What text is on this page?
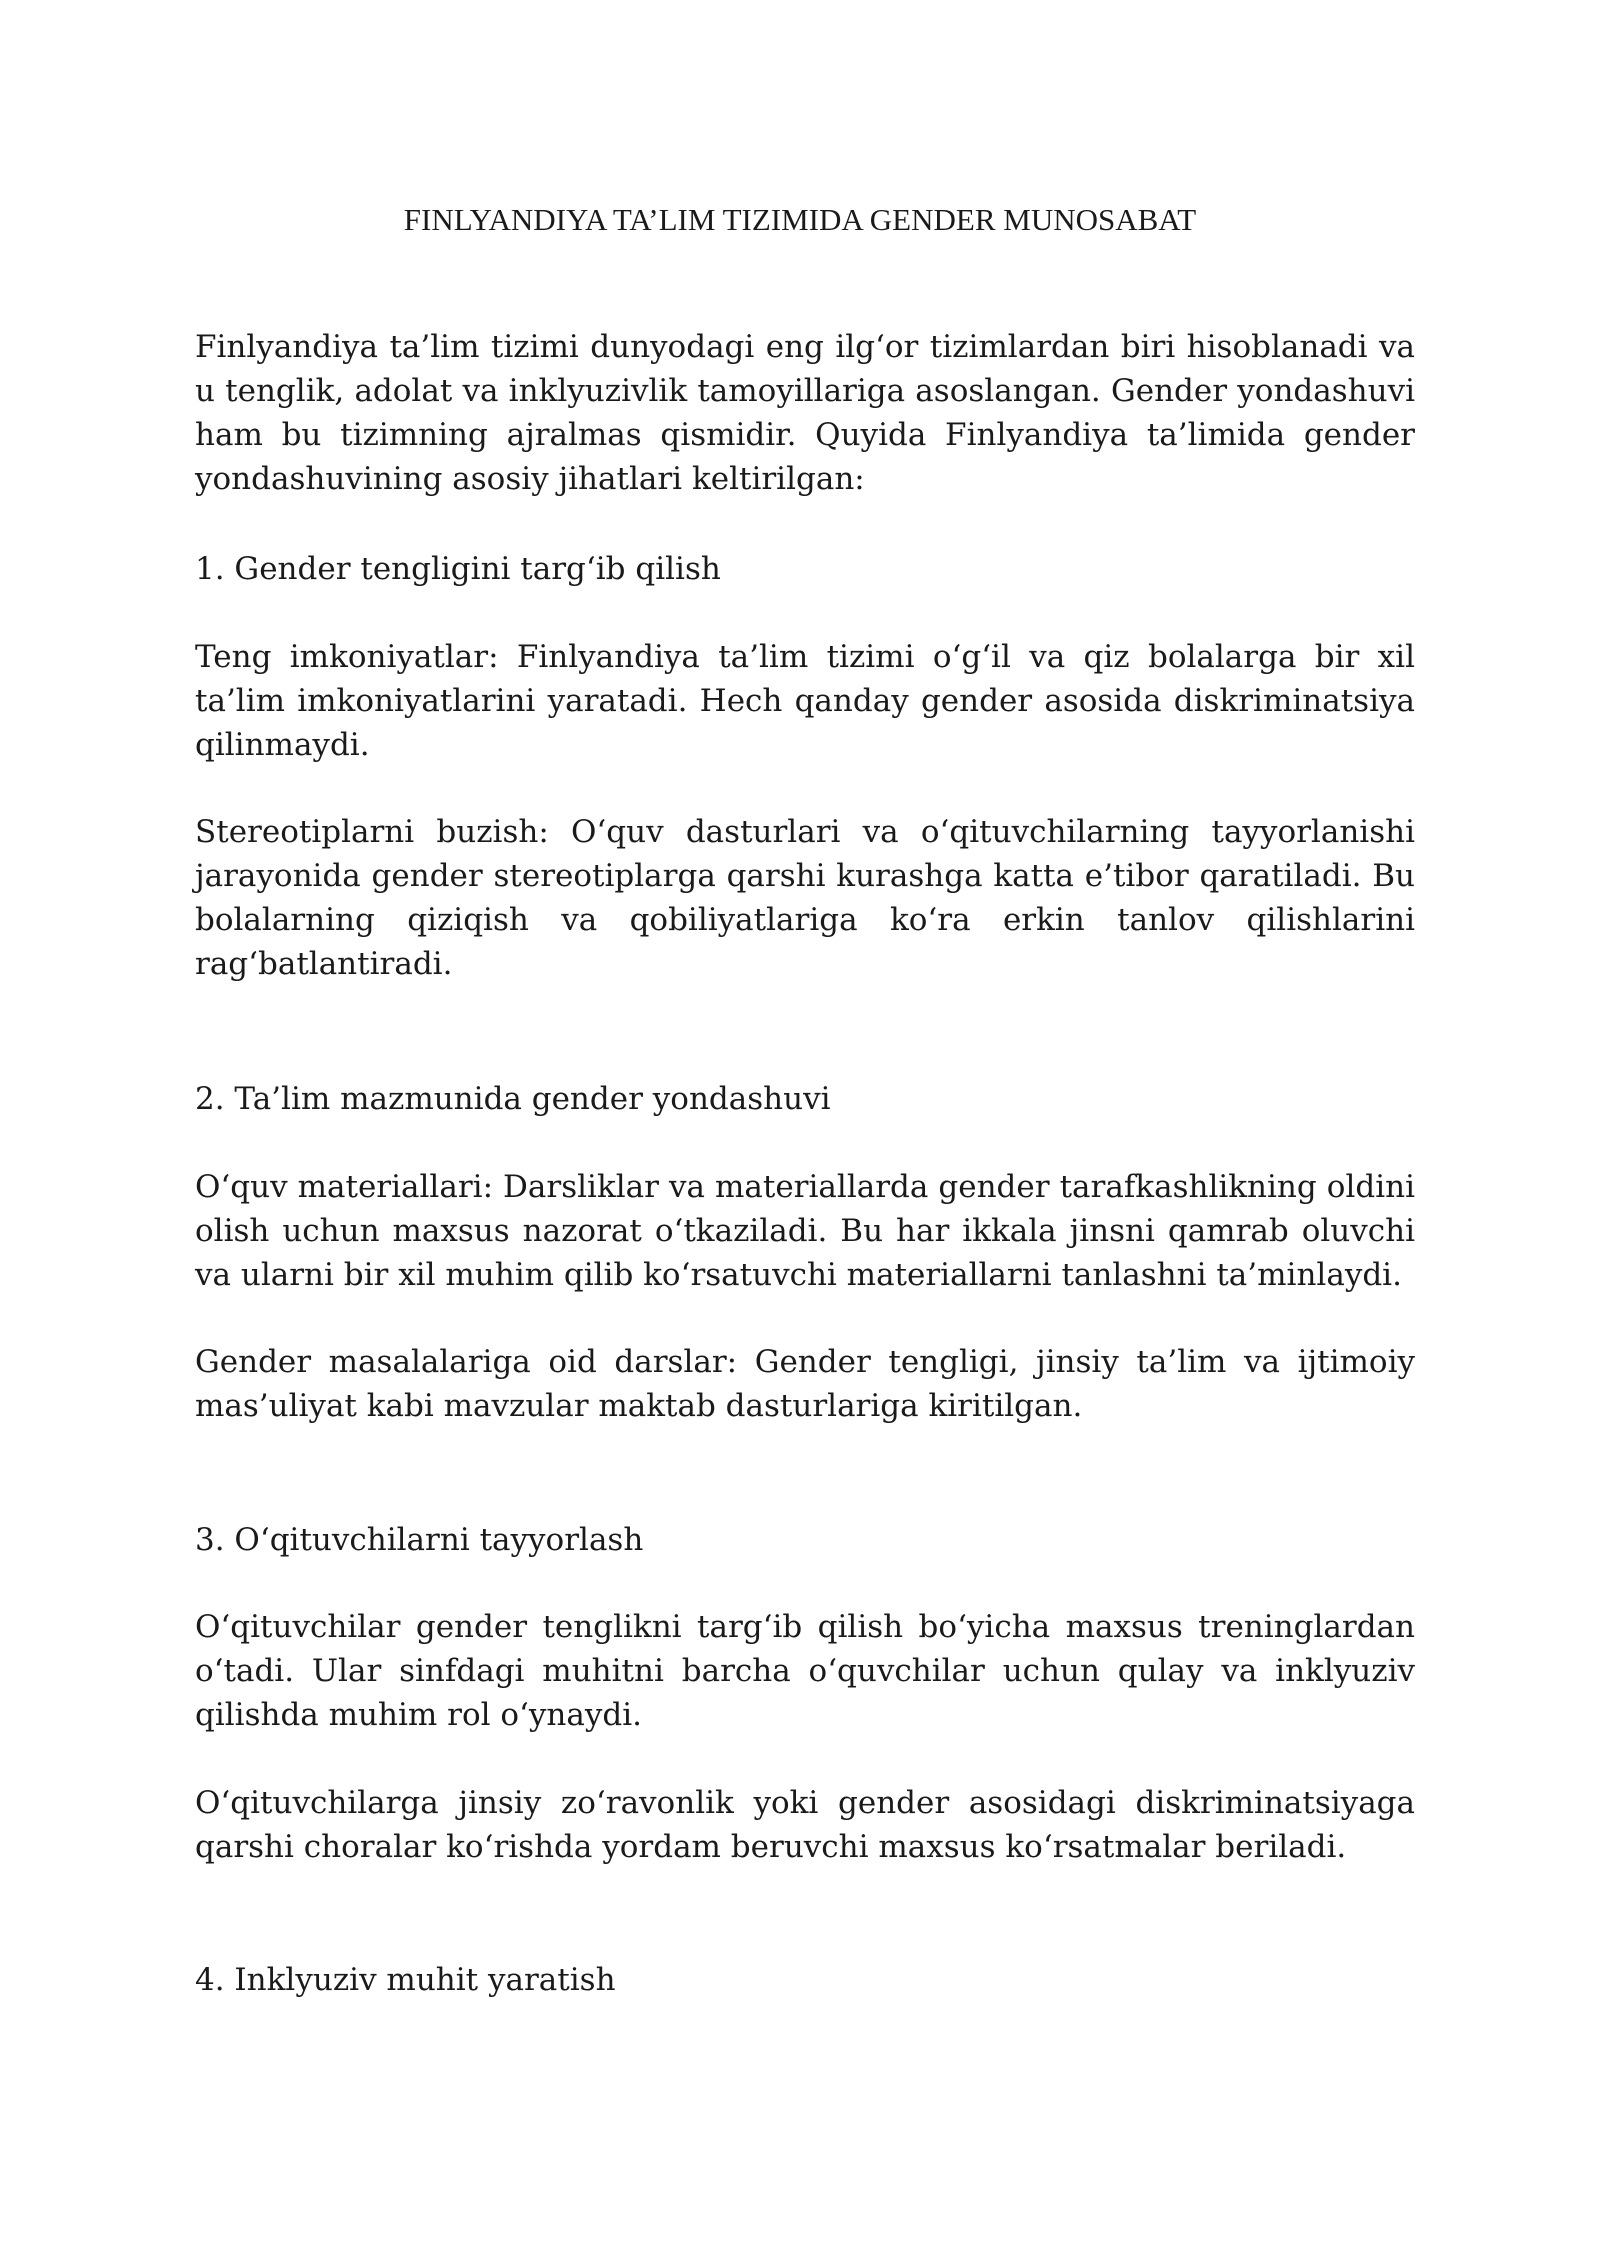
FINLYANDIYA TA’LIM TIZIMIDA GENDER MUNOSABAT
Finlyandiya ta’lim tizimi dunyodagi eng ilg‘or tizimlardan biri hisoblanadi va u tenglik, adolat va inklyuzivlik tamoyillariga asoslangan. Gender yondashuvi ham bu tizimning ajralmas qismidir. Quyida Finlyandiya ta’limida gender yondashuvining asosiy jihatlari keltirilgan:
1. Gender tengligini targ‘ib qilish
Teng imkoniyatlar: Finlyandiya ta’lim tizimi o‘g‘il va qiz bolalarga bir xil ta’lim imkoniyatlarini yaratadi. Hech qanday gender asosida diskriminatsiya qilinmaydi.
Stereotiplarni buzish: O‘quv dasturlari va o‘qituvchilarning tayyorlanishi jarayonida gender stereotiplarga qarshi kurashga katta e’tibor qaratiladi. Bu bolalarning qiziqish va qobiliyatlariga ko‘ra erkin tanlov qilishlarini rag‘batlantiradi.
2. Ta’lim mazmunida gender yondashuvi
O‘quv materiallari: Darsliklar va materiallarda gender tarafkashlikning oldini olish uchun maxsus nazorat o‘tkaziladi. Bu har ikkala jinsni qamrab oluvchi va ularni bir xil muhim qilib ko‘rsatuvchi materiallarni tanlashni ta’minlaydi.
Gender masalalariga oid darslar: Gender tengligi, jinsiy ta’lim va ijtimoiy mas’uliyat kabi mavzular maktab dasturlariga kiritilgan.
3. O‘qituvchilarni tayyorlash
O‘qituvchilar gender tenglikni targ‘ib qilish bo‘yicha maxsus treninglardan o‘tadi. Ular sinfdagi muhitni barcha o‘quvchilar uchun qulay va inklyuziv qilishda muhim rol o‘ynaydi.
O‘qituvchilarga jinsiy zo‘ravonlik yoki gender asosidagi diskriminatsiyaga qarshi choralar ko‘rishda yordam beruvchi maxsus ko‘rsatmalar beriladi.
4. Inklyuziv muhit yaratish
